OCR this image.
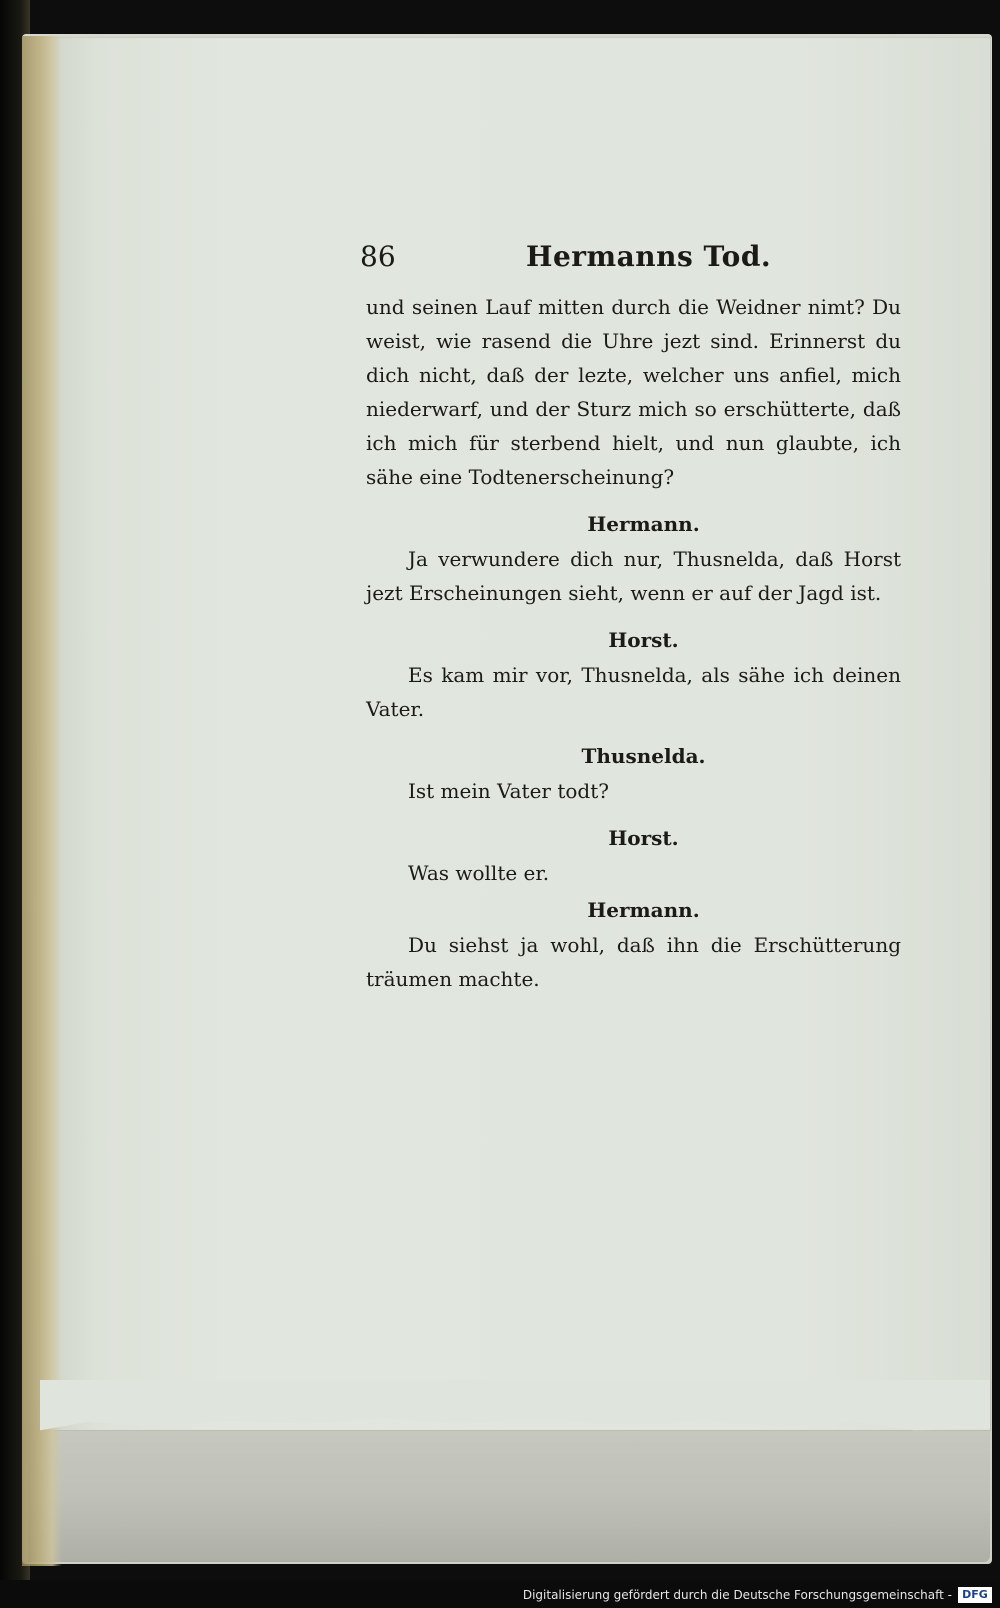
86	Hermanns Tod.

und seinen Lauf mitten durch die Weidner nimt? Du weist, wie rasend die Uhre jezt sind. Erinnerst du dich nicht, daß der lezte, welcher uns anfiel, mich niederwarf, und der Sturz mich so erschütterte, daß ich mich für sterbend hielt, und nun glaubte, ich sähe eine Todtenerscheinung?

Hermann.

Ja verwundere dich nur, Thusnelda, daß Horst jezt Erscheinungen sieht, wenn er auf der Jagd ist.

Horst.

Es kam mir vor, Thusnelda, als sähe ich deinen Vater.

Thusnelda.

Ist mein Vater todt?

Horst.

Was wollte er.

Hermann.

Du siehst ja wohl, daß ihn die Erschütterung träumen machte.

Digitalisierung gefördert durch die Deutsche Forschungsgemeinschaft - DFG
